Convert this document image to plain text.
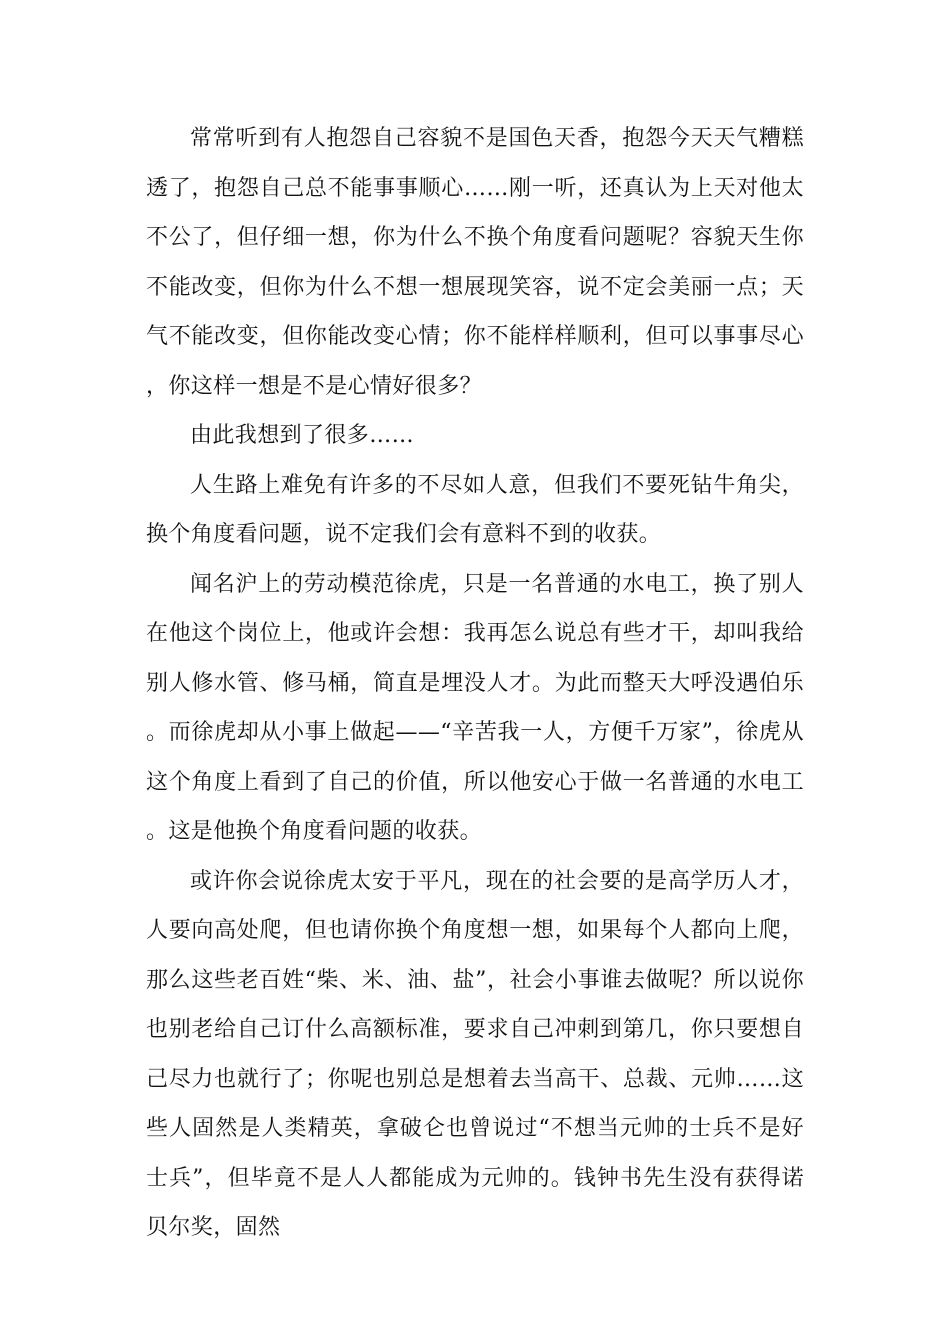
常常听到有人抱怨自己容貌不是国色天香，抱怨今天天气糟糕透了，抱怨自己总不能事事顺心……刚一听，还真认为上天对他太不公了，但仔细一想，你为什么不换个角度看问题呢？容貌天生你不能改变，但你为什么不想一想展现笑容，说不定会美丽一点；天气不能改变，但你能改变心情；你不能样样顺利，但可以事事尽心，你这样一想是不是心情好很多？

由此我想到了很多……

人生路上难免有许多的不尽如人意，但我们不要死钻牛角尖，换个角度看问题，说不定我们会有意料不到的收获。

闻名沪上的劳动模范徐虎，只是一名普通的水电工，换了别人在他这个岗位上，他或许会想：我再怎么说总有些才干，却叫我给别人修水管、修马桶，简直是埋没人才。为此而整天大呼没遇伯乐。而徐虎却从小事上做起——“辛苦我一人，方便千万家”，徐虎从这个角度上看到了自己的价值，所以他安心于做一名普通的水电工。这是他换个角度看问题的收获。

或许你会说徐虎太安于平凡，现在的社会要的是高学历人才，人要向高处爬，但也请你换个角度想一想，如果每个人都向上爬，那么这些老百姓“柴、米、油、盐”，社会小事谁去做呢？所以说你也别老给自己订什么高额标准，要求自己冲刺到第几，你只要想自己尽力也就行了；你呢也别总是想着去当高干、总裁、元帅……这些人固然是人类精英，拿破仑也曾说过“不想当元帅的士兵不是好士兵”，但毕竟不是人人都能成为元帅的。钱钟书先生没有获得诺贝尔奖，固然
